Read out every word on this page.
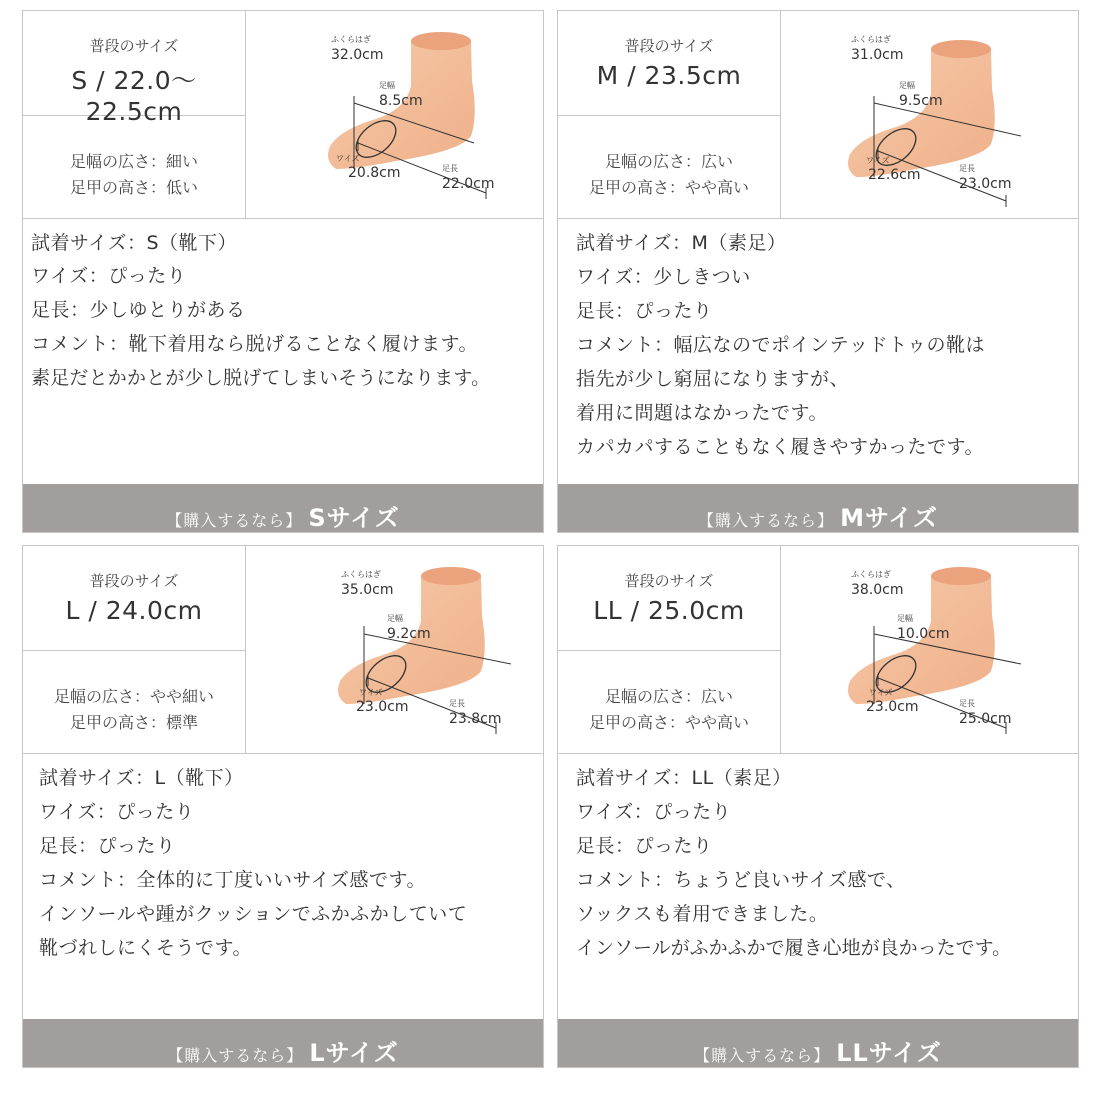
普段のサイズ
S / 22.0〜22.5cm
足幅の広さ：細い
足甲の高さ：低い
ふくらはぎ
32.0cm
足幅
8.5cm
ワイズ
20.8cm	足長
22.0cm
試着サイズ：S（靴下）
ワイズ：ぴったり
足長：少しゆとりがある
コメント：靴下着用なら脱げることなく履けます。
素足だとかかとが少し脱げてしまいそうになります。
【購入するなら】 Sサイズ
普段のサイズ
M / 23.5cm
足幅の広さ：広い
足甲の高さ：やや高い
ふくらはぎ
31.0cm
足幅
9.5cm
ワイズ
22.6cm	足長
23.0cm
試着サイズ：M（素足）
ワイズ：少しきつい
足長：ぴったり
コメント：幅広なのでポインテッドトゥの靴は
指先が少し窮屈になりますが、
着用に問題はなかったです。
カパカパすることもなく履きやすかったです。
【購入するなら】 Mサイズ
普段のサイズ
L / 24.0cm
足幅の広さ：やや細い
足甲の高さ：標準
ふくらはぎ
35.0cm
足幅
9.2cm
ワイズ
23.0cm	足長
23.8cm
試着サイズ：L（靴下）
ワイズ：ぴったり
足長：ぴったり
コメント：全体的に丁度いいサイズ感です。
インソールや踵がクッションでふかふかしていて
靴づれしにくそうです。
【購入するなら】 Lサイズ
普段のサイズ
LL / 25.0cm
足幅の広さ：広い
足甲の高さ：やや高い
ふくらはぎ
38.0cm
足幅
10.0cm
ワイズ
23.0cm	足長
25.0cm
試着サイズ：LL（素足）
ワイズ：ぴったり
足長：ぴったり
コメント：ちょうど良いサイズ感で、
ソックスも着用できました。
インソールがふかふかで履き心地が良かったです。
【購入するなら】 LLサイズ
